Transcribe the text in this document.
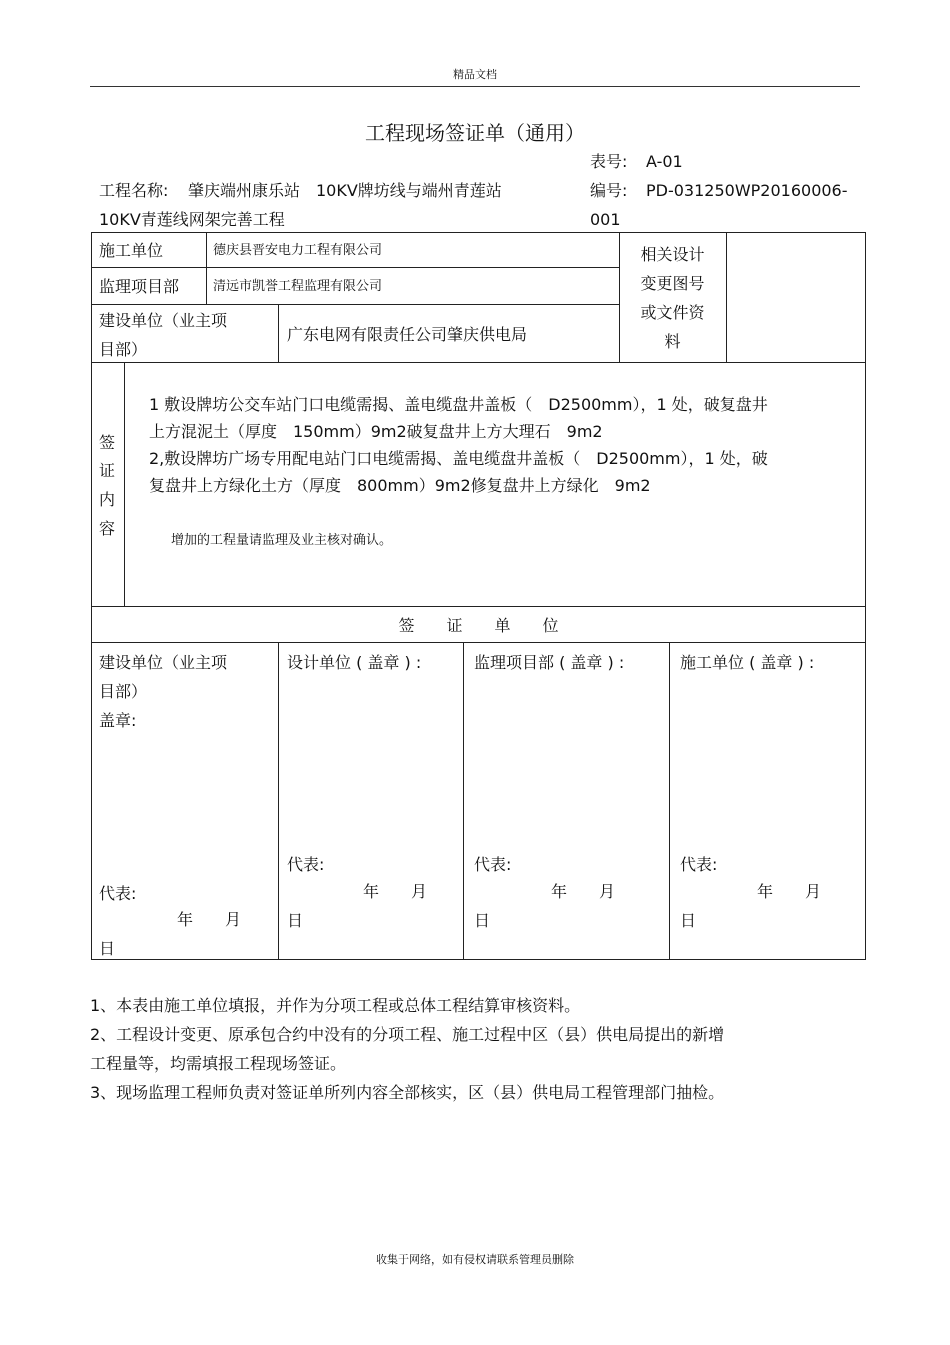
精品文档
工程现场签证单（通用）
表号: A-01
编号: PD-031250WP20160006-
001
工程名称: 肇庆端州康乐站　10KV牌坊线与端州青莲站
10KV青莲线网架完善工程
施工单位	德庆县晋安电力工程有限公司
监理项目部	清远市凯誉工程监理有限公司
建设单位（业主项
目部）
广东电网有限责任公司肇庆供电局
相关设计
变更图号
或文件资
料
签
证
内
容
1 敷设牌坊公交车站门口电缆需揭、盖电缆盘井盖板（　D2500mm），1 处，破复盘井
上方混泥土（厚度　150mm）9m2破复盘井上方大理石　9m2
2,敷设牌坊广场专用配电站门口电缆需揭、盖电缆盘井盖板（　D2500mm），1 处，破
复盘井上方绿化土方（厚度　800mm）9m2修复盘井上方绿化　9m2
增加的工程量请监理及业主核对确认。
签　　证　　单　　位
建设单位（业主项
目部）
盖章:
代表:
年　　月
日
设计单位 ( 盖章 ) :
代表:
年　　月
日
监理项目部 ( 盖章 ) :
代表:
年　　月
日
施工单位 ( 盖章 ) :
代表:
年　　月
日
1、本表由施工单位填报，并作为分项工程或总体工程结算审核资料。
2、工程设计变更、原承包合约中没有的分项工程、施工过程中区（县）供电局提出的新增
工程量等，均需填报工程现场签证。
3、现场监理工程师负责对签证单所列内容全部核实，区（县）供电局工程管理部门抽检。
收集于网络，如有侵权请联系管理员删除
